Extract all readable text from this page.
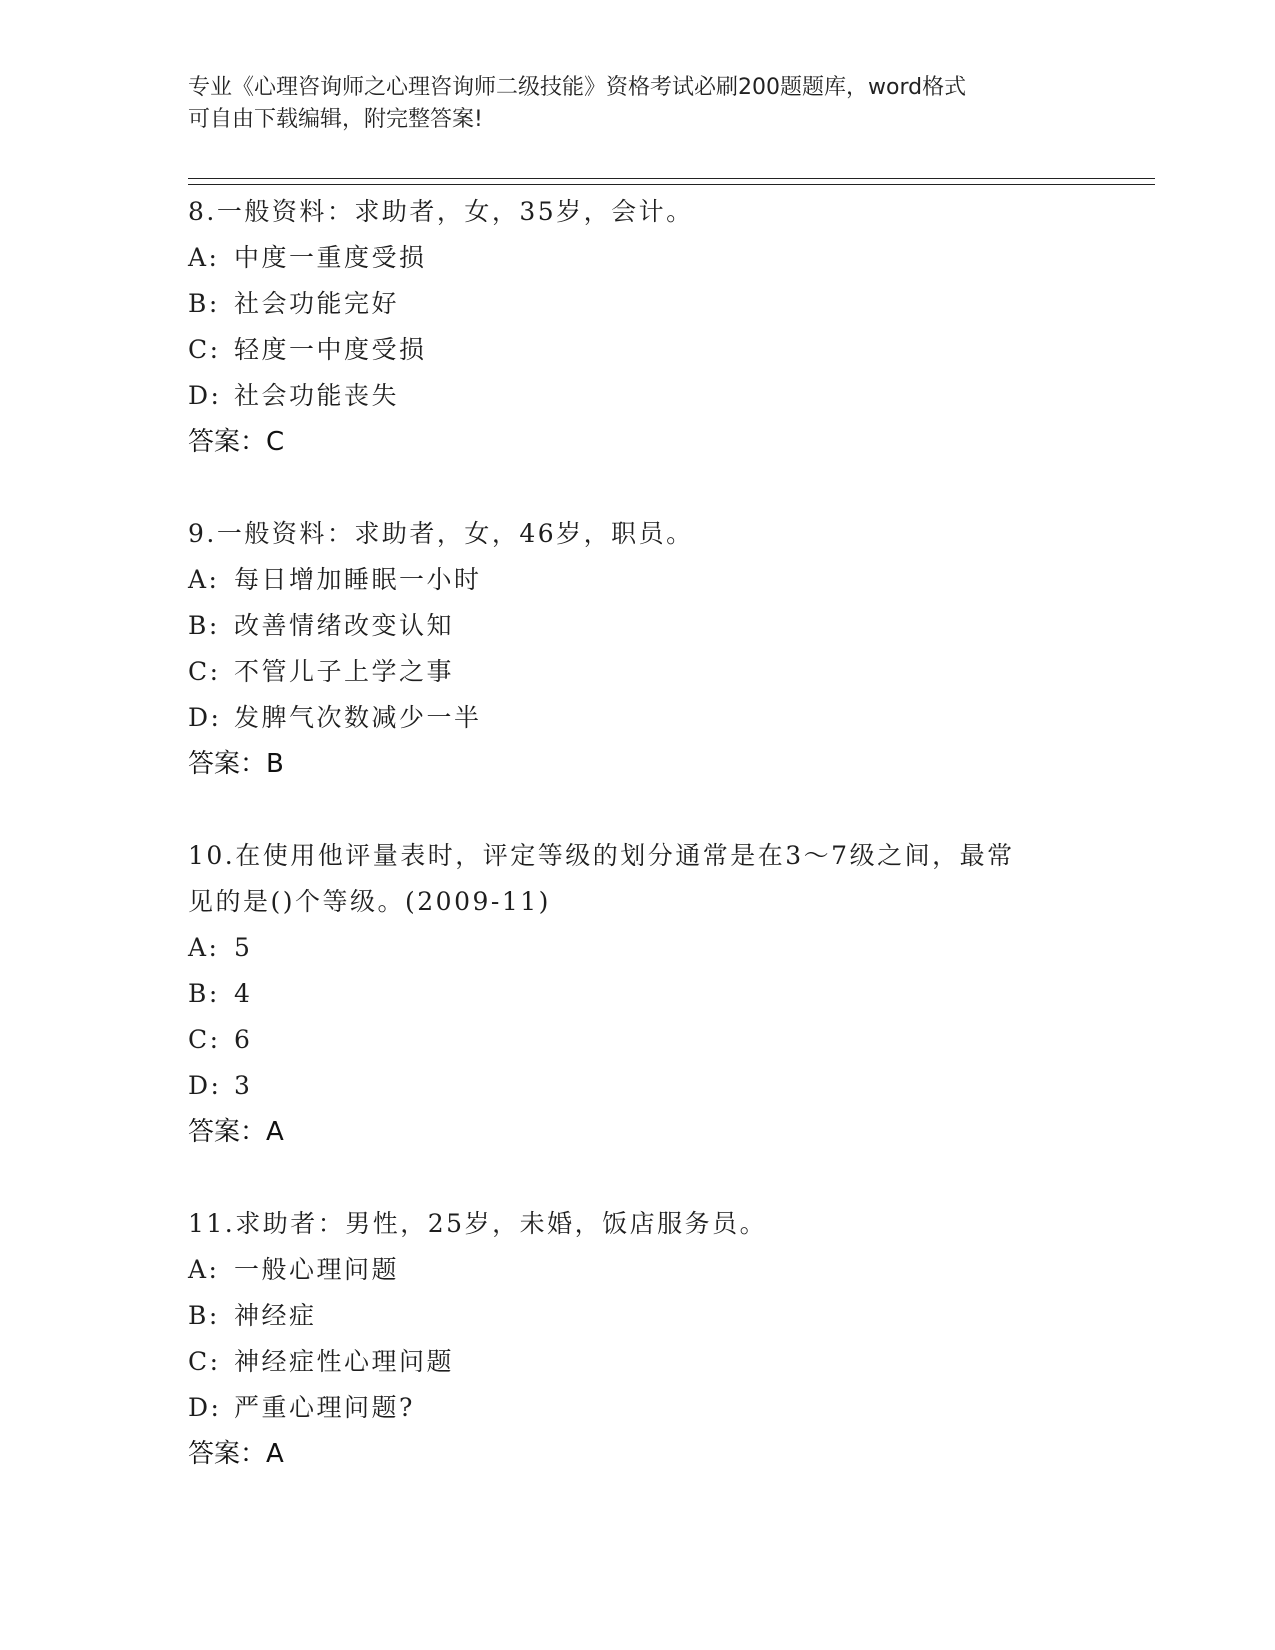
专业《心理咨询师之心理咨询师二级技能》资格考试必刷200题题库，word格式
可自由下载编辑，附完整答案!
8.一般资料：求助者，女，35岁，会计。
A: 中度一重度受损
B: 社会功能完好
C: 轻度一中度受损
D: 社会功能丧失
答案：C
9.一般资料：求助者，女，46岁，职员。
A: 每日增加睡眠一小时
B: 改善情绪改变认知
C: 不管儿子上学之事
D: 发脾气次数减少一半
答案：B
10.在使用他评量表时，评定等级的划分通常是在3～7级之间，最常
见的是()个等级。(2009-11)
A: 5
B: 4
C: 6
D: 3
答案：A
11.求助者：男性，25岁，未婚，饭店服务员。
A: 一般心理问题
B: 神经症
C: 神经症性心理问题
D: 严重心理问题?
答案：A
